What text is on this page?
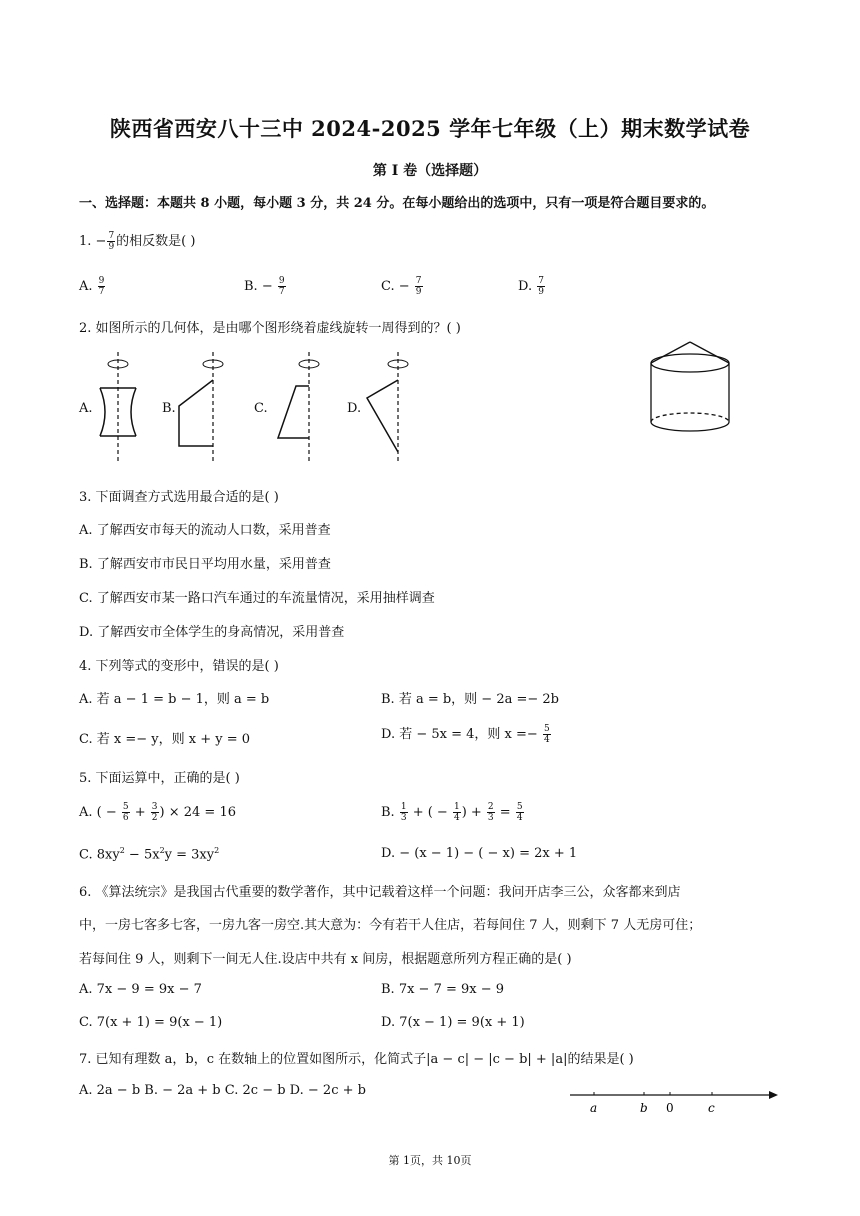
陕西省西安八十三中 2024-2025 学年七年级（上）期末数学试卷
第 I 卷（选择题）
一、选择题：本题共 8 小题，每小题 3 分，共 24 分。在每小题给出的选项中，只有一项是符合题目要求的。
1. − $\frac{7}{9}$ 的相反数是( )
A. $\frac{9}{7}$	B. − $\frac{9}{7}$	C. − $\frac{7}{9}$	D. $\frac{7}{9}$
2. 如图所示的几何体，是由哪个图形绕着虚线旋转一周得到的？( )
A.	B.	C.	D.
3. 下面调查方式选用最合适的是( )
A. 了解西安市每天的流动人口数，采用普查
B. 了解西安市市民日平均用水量，采用普查
C. 了解西安市某一路口汽车通过的车流量情况，采用抽样调查
D. 了解西安市全体学生的身高情况，采用普查
4. 下列等式的变形中，错误的是( )
A. 若 a − 1 = b − 1，则 a = b	B. 若 a = b，则 − 2a =− 2b
C. 若 x =− y，则 x + y = 0	D. 若 − 5x = 4，则 $x =- \frac{5}{4}$
5. 下面运算中，正确的是( )
A. ( − $\frac{5}{6} + \frac{3}{2}$ ) × 24 = 16	B. $\frac{1}{3}$ + ( − $\frac{1}{4}$ ) + $\frac{2}{3} = \frac{5}{4}$
C. $8xy^2 - 5x^2y = 3xy^2$	D. − (x − 1) − ( − x) = 2x + 1
6. 《算法统宗》是我国古代重要的数学著作，其中记载着这样一个问题：我问开店李三公，众客都来到店
中，一房七客多七客，一房九客一房空.其大意为：今有若干人住店，若每间住 7 人，则剩下 7 人无房可住；
若每间住 9 人，则剩下一间无人住.设店中共有 x 间房，根据题意所列方程正确的是( )
A. 7x − 9 = 9x − 7	B. 7x − 7 = 9x − 9
C. 7(x + 1) = 9(x − 1)	D. 7(x − 1) = 9(x + 1)
7. 已知有理数 a，b，c 在数轴上的位置如图所示，化简式子|a − c| − |c − b| + |a|的结果是( )
A. 2a − b B. − 2a + b C. 2c − b D. − 2c + b
a	b 0	c
第 1页，共 10页
